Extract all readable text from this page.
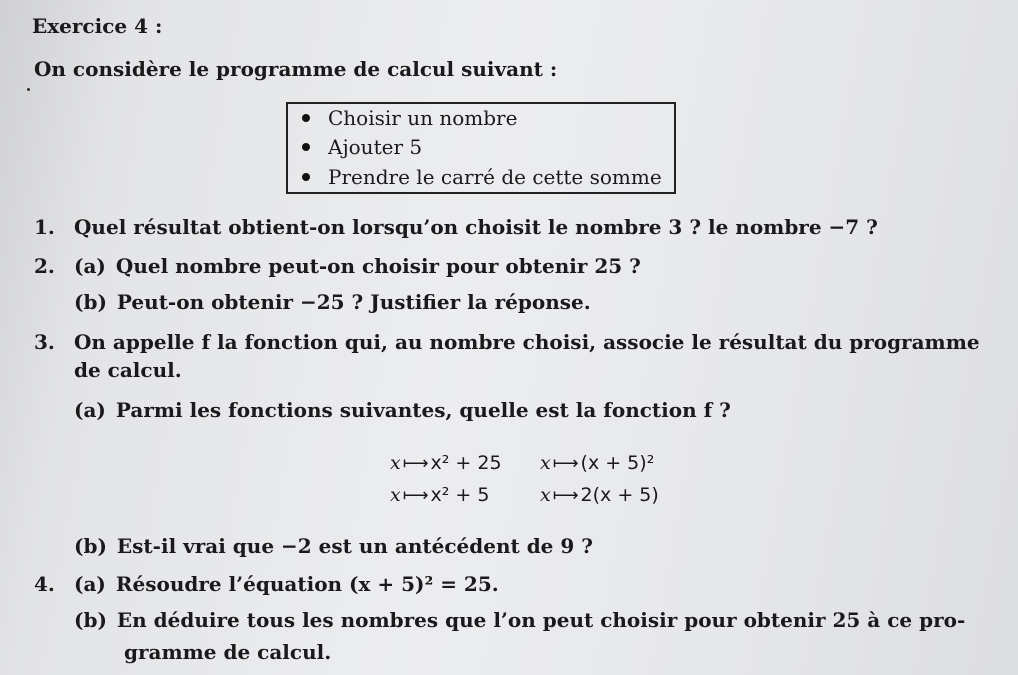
Exercice 4 :
On considère le programme de calcul suivant :
Choisir un nombre
Ajouter 5
Prendre le carré de cette somme
1. Quel résultat obtient-on lorsqu’on choisit le nombre 3 ? le nombre −7 ?
2. (a) Quel nombre peut-on choisir pour obtenir 25 ?
(b) Peut-on obtenir −25 ? Justifier la réponse.
3. On appelle f la fonction qui, au nombre choisi, associe le résultat du programme
de calcul.
(a) Parmi les fonctions suivantes, quelle est la fonction f ?
x ⟼ x² + 25 x ⟼ (x + 5)²
x ⟼ x² + 5	x ⟼ 2(x + 5)
(b) Est-il vrai que −2 est un antécédent de 9 ?
4. (a) Résoudre l’équation (x + 5)² = 25.
(b) En déduire tous les nombres que l’on peut choisir pour obtenir 25 à ce pro-
gramme de calcul.
